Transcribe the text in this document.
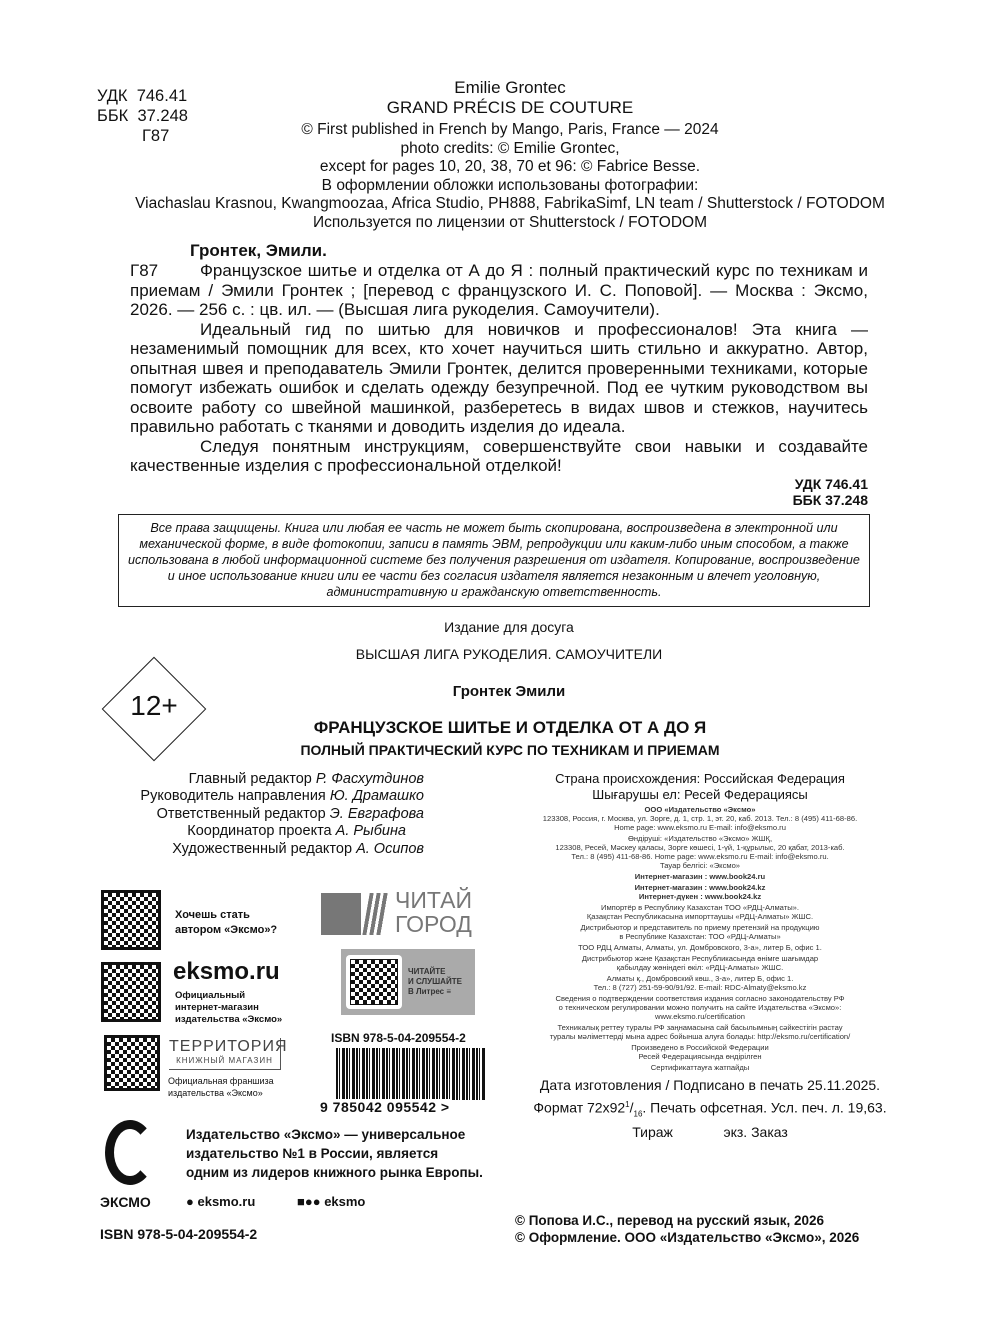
УДК 746.41
ББК 37.248
Г87
Emilie Grontec
GRAND PRÉCIS DE COUTURE
© First published in French by Mango, Paris, France — 2024
photo credits: © Emilie Grontec,
except for pages 10, 20, 38, 70 et 96: © Fabrice Besse.
В оформлении обложки использованы фотографии:
Viachaslau Krasnou, Kwangmoozaa, Africa Studio, PH888, FabrikaSimf, LN team / Shutterstock / FOTODOM
Используется по лицензии от Shutterstock / FOTODOM
12+
Гронтек, Эмили.
Г87 Французское шитье и отделка от А до Я : полный практический курс по техникам и приемам / Эмили Гронтек ; [перевод с французского И. С. Поповой]. — Москва : Эксмо, 2026. — 256 с. : цв. ил. — (Высшая лига рукоделия. Самоучители).
Идеальный гид по шитью для новичков и профессионалов! Эта книга — незаменимый помощник для всех, кто хочет научиться шить стильно и аккуратно. Автор, опытная швея и преподаватель Эмили Гронтек, делится проверенными техниками, которые помогут избежать ошибок и сделать одежду безупречной. Под ее чутким руководством вы освоите работу со швейной машинкой, разберетесь в видах швов и стежков, научитесь правильно работать с тканями и доводить изделия до идеала.
Следуя понятным инструкциям, совершенствуйте свои навыки и создавайте качественные изделия с профессиональной отделкой!
УДК 746.41
ББК 37.248
Все права защищены. Книга или любая ее часть не может быть скопирована, воспроизведена в электронной или механической форме, в виде фотокопии, записи в память ЭВМ, репродукции или каким-либо иным способом, а также использована в любой информационной системе без получения разрешения от издателя. Копирование, воспроизведение и иное использование книги или ее части без согласия издателя является незаконным и влечет уголовную, административную и гражданскую ответственность.
Издание для досуга
ВЫСШАЯ ЛИГА РУКОДЕЛИЯ. САМОУЧИТЕЛИ
Гронтек Эмили
ФРАНЦУЗСКОЕ ШИТЬЕ И ОТДЕЛКА ОТ А ДО Я
ПОЛНЫЙ ПРАКТИЧЕСКИЙ КУРС ПО ТЕХНИКАМ И ПРИЕМАМ
Главный редактор Р. Фасхутдинов
Руководитель направления Ю. Драмашко
Ответственный редактор Э. Евграфова
Координатор проекта А. Рыбина
Художественный редактор А. Осипов
Страна происхождения: Российская Федерация
Шығарушы ел: Ресей Федерациясы

ООО «Издательство «Эксмо»
123308, Россия, г. Москва, ул. Зорге, д. 1, стр. 1, эт. 20, каб. 2013. Тел.: 8 (495) 411-68-86.
Home page: www.eksmo.ru E-mail: info@eksmo.ru

Өндіруші: «Издательство «Эксмо» ЖШҚ,
123308, Ресей, Мәскеу қаласы, Зорге көшесі, 1-үй, 1-құрылыс, 20 қабат, 2013-каб.
Тел.: 8 (495) 411-68-86. Home page: www.eksmo.ru E-mail: info@eksmo.ru.
Тауар белгісі: «Эксмо»

Интернет-магазин : www.book24.ru

Интернет-магазин : www.book24.kz
Интернет-дүкен : www.book24.kz

Импортёр в Республику Казахстан ТОО «РДЦ-Алматы».
Қазақстан Республикасына импорттаушы «РДЦ-Алматы» ЖШС.

Дистрибьютор и представитель по приему претензий на продукцию
в Республике Казахстан: ТОО «РДЦ-Алматы»

ТОО РДЦ Алматы, Алматы, ул. Домбровского, 3-а», литер Б, офис 1.

Дистрибьютор және Қазақстан Республикасында өнімге шағымдар
қабылдау жөніндегі өкіл: «РДЦ-Алматы» ЖШС.

Алматы қ., Домбровский көш., 3-а», литер Б, офис 1.
Тел.: 8 (727) 251-59-90/91/92. E-mail: RDC-Almaty@eksmo.kz

Сведения о подтверждении соответствия издания согласно законодательству РФ
о техническом регулировании можно получить на сайте Издательства «Эксмо»:
www.eksmo.ru/certification

Техникалық реттеу туралы РФ заңнамасына сай басылымның сәйкестігін растау
туралы мәліметтерді мына адрес бойынша алуға болады: http://eksmo.ru/certification/

Произведено в Российской Федерации
Ресей Федерациясында өндірілген

Сертификаттауға жатпайды

Дата изготовления / Подписано в печать 25.11.2025.
Формат $72x92^1/_{16}$. Печать офсетная. Усл. печ. л. 19,63.
Тираж             экз. Заказ
Хочешь стать
автором «Эксмо»?
eksmo.ru
Официальный
интернет-магазин
издательства «Эксмо»
ТЕРРИТОРИЯ
КНИЖНЫЙ МАГАЗИН
Официальная франшиза
издательства «Эксмо»
ЧИТАЙ
ГОРОД
ЧИТАЙТЕ
И СЛУШАЙТЕ
В Литрес ≡
ISBN 978-5-04-209554-2
9 785042 095542 >
Издательство «Эксмо» — универсальное
издательство №1 в России, является
одним из лидеров книжного рынка Европы.
ЭКСМО	● eksmo.ru	■●● eksmo
ISBN 978-5-04-209554-2
© Попова И.С., перевод на русский язык, 2026
© Оформление. ООО «Издательство «Эксмо», 2026
